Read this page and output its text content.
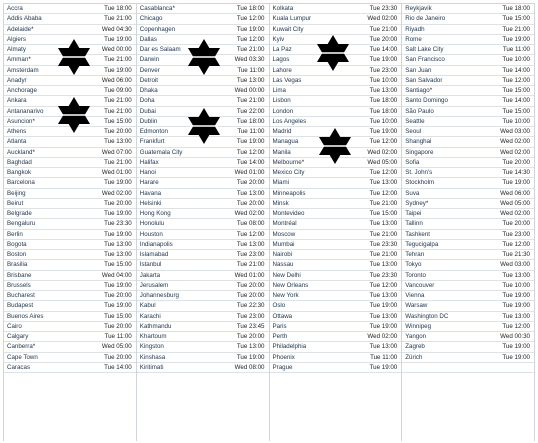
Accra	Tue 18:00
Addis Ababa	Tue 21:00
Adelaide*	Wed 04:30
Algiers	Tue 19:00
Almaty	Wed 00:00
Amman*	Tue 21:00
Amsterdam	Tue 19:00
Anadyr	Wed 06:00
Anchorage	Tue 09:00
Ankara	Tue 21:00
Antananarivo	Tue 21:00
Asuncion*	Tue 15:00
Athens	Tue 20:00
Atlanta	Tue 13:00
Auckland*	Wed 07:00
Baghdad	Tue 21:00
Bangkok	Wed 01:00
Barcelona	Tue 19:00
Beijing	Wed 02:00
Beirut	Tue 20:00
Belgrade	Tue 19:00
Bengaluru	Tue 23:30
Berlin	Tue 19:00
Bogota	Tue 13:00
Boston	Tue 13:00
Brasilia	Tue 15:00
Brisbane	Wed 04:00
Brussels	Tue 19:00
Bucharest	Tue 20:00
Budapest	Tue 19:00
Buenos Aires	Tue 15:00
Cairo	Tue 20:00
Calgary	Tue 11:00
Canberra*	Wed 05:00
Cape Town	Tue 20:00
Caracas	Tue 14:00
Casablanca*	Tue 18:00
Chicago	Tue 12:00
Copenhagen	Tue 19:00
Dallas	Tue 12:00
Dar es Salaam	Tue 21:00
Darwin	Wed 03:30
Denver	Tue 11:00
Detroit	Tue 13:00
Dhaka	Wed 00:00
Doha	Tue 21:00
Dubai	Tue 22:00
Dublin	Tue 18:00
Edmonton	Tue 11:00
Frankfurt	Tue 19:00
Guatemala City	Tue 12:00
Halifax	Tue 14:00
Hanoi	Wed 01:00
Harare	Tue 20:00
Havana	Tue 13:00
Helsinki	Tue 20:00
Hong Kong	Wed 02:00
Honolulu	Tue 08:00
Houston	Tue 12:00
Indianapolis	Tue 13:00
Islamabad	Tue 23:00
Istanbul	Tue 21:00
Jakarta	Wed 01:00
Jerusalem	Tue 20:00
Johannesburg	Tue 20:00
Kabul	Tue 22:30
Karachi	Tue 23:00
Kathmandu	Tue 23:45
Khartoum	Tue 20:00
Kingston	Tue 13:00
Kinshasa	Tue 19:00
Kiritimati	Wed 08:00
Kolkata	Tue 23:30
Kuala Lumpur	Wed 02:00
Kuwait City	Tue 21:00
Kyiv	Tue 20:00
La Paz	Tue 14:00
Lagos	Tue 19:00
Lahore	Tue 23:00
Las Vegas	Tue 10:00
Lima	Tue 13:00
Lisbon	Tue 18:00
London	Tue 18:00
Los Angeles	Tue 10:00
Madrid	Tue 19:00
Managua	Tue 12:00
Manila	Wed 02:00
Melbourne*	Wed 05:00
Mexico City	Tue 12:00
Miami	Tue 13:00
Minneapolis	Tue 12:00
Minsk	Tue 21:00
Montevideo	Tue 15:00
Montréal	Tue 13:00
Moscow	Tue 21:00
Mumbai	Tue 23:30
Nairobi	Tue 21:00
Nassau	Tue 13:00
New Delhi	Tue 23:30
New Orleans	Tue 12:00
New York	Tue 13:00
Oslo	Tue 19:00
Ottawa	Tue 13:00
Paris	Tue 19:00
Perth	Wed 02:00
Philadelphia	Tue 13:00
Phoenix	Tue 11:00
Prague	Tue 19:00
Reykjavik	Tue 18:00
Rio de Janeiro	Tue 15:00
Riyadh	Tue 21:00
Rome	Tue 19:00
Salt Lake City	Tue 11:00
San Francisco	Tue 10:00
San Juan	Tue 14:00
San Salvador	Tue 12:00
Santiago*	Tue 15:00
Santo Domingo	Tue 14:00
São Paulo	Tue 15:00
Seattle	Tue 10:00
Seoul	Wed 03:00
Shanghai	Wed 02:00
Singapore	Wed 02:00
Sofia	Tue 20:00
St. John's	Tue 14:30
Stockholm	Tue 19:00
Suva	Wed 06:00
Sydney*	Wed 05:00
Taipei	Wed 02:00
Tallinn	Tue 20:00
Tashkent	Tue 23:00
Tegucigalpa	Tue 12:00
Tehran	Tue 21:30
Tokyo	Wed 03:00
Toronto	Tue 13:00
Vancouver	Tue 10:00
Vienna	Tue 19:00
Warsaw	Tue 19:00
Washington DC	Tue 13:00
Winnipeg	Tue 12:00
Yangon	Wed 00:30
Zagreb	Tue 19:00
Zürich	Tue 19:00
